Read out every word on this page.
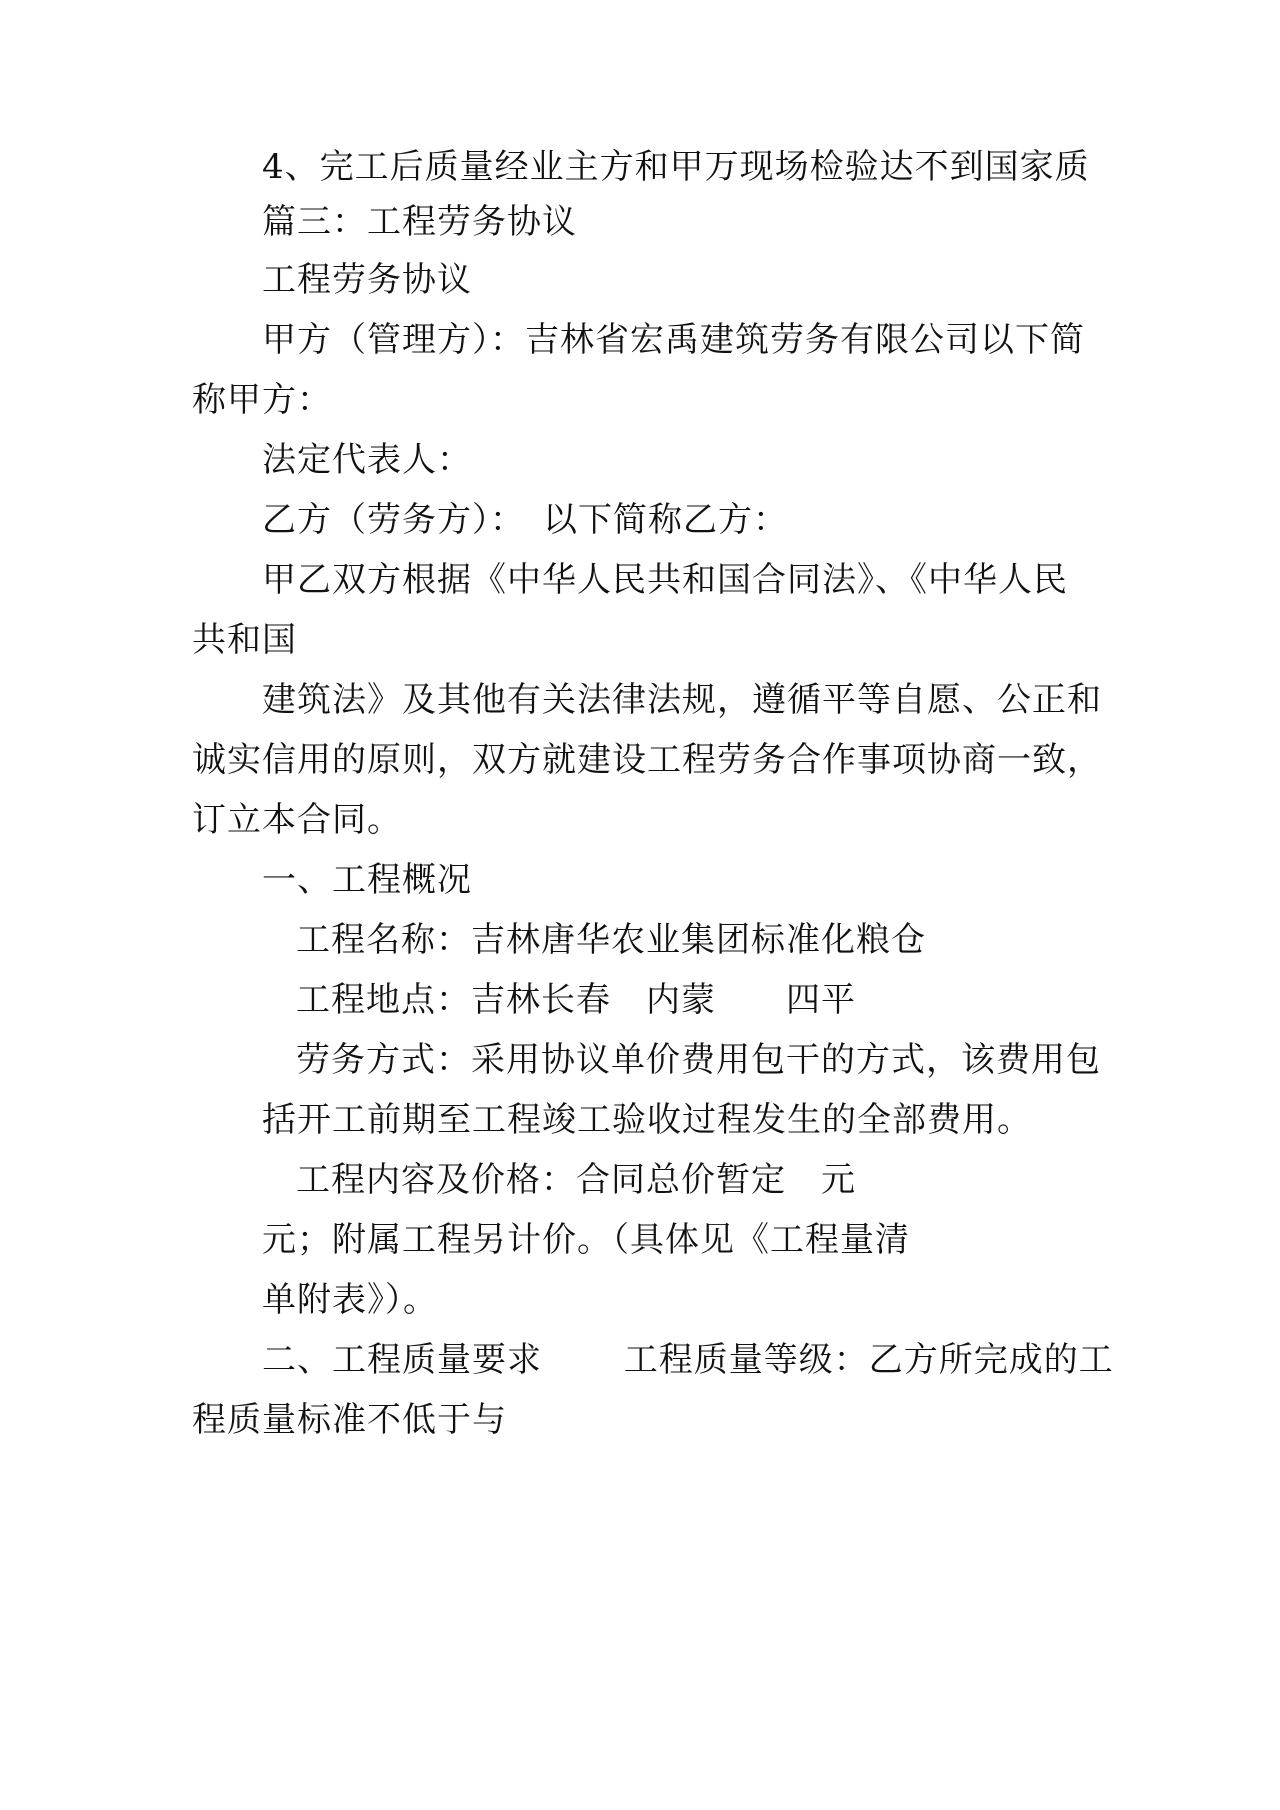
4、完工后质量经业主方和甲万现场检验达不到国家质
篇三：工程劳务协议
工程劳务协议
甲方（管理方）：吉林省宏禹建筑劳务有限公司以下简
称甲方：
法定代表人：
乙方（劳务方）：　以下简称乙方：
甲乙双方根据《中华人民共和国合同法》、《中华人民
共和国
建筑法》及其他有关法律法规，遵循平等自愿、公正和
诚实信用的原则，双方就建设工程劳务合作事项协商一致，
订立本合同。
一、工程概况
工程名称：吉林唐华农业集团标准化粮仓
工程地点：吉林长春　内蒙　　四平
劳务方式：采用协议单价费用包干的方式，该费用包
括开工前期至工程竣工验收过程发生的全部费用。
工程内容及价格：合同总价暂定　元
元；附属工程另计价。（具体见《工程量清
单附表》）。
二、工程质量要求　　 工程质量等级：乙方所完成的工
程质量标准不低于与
